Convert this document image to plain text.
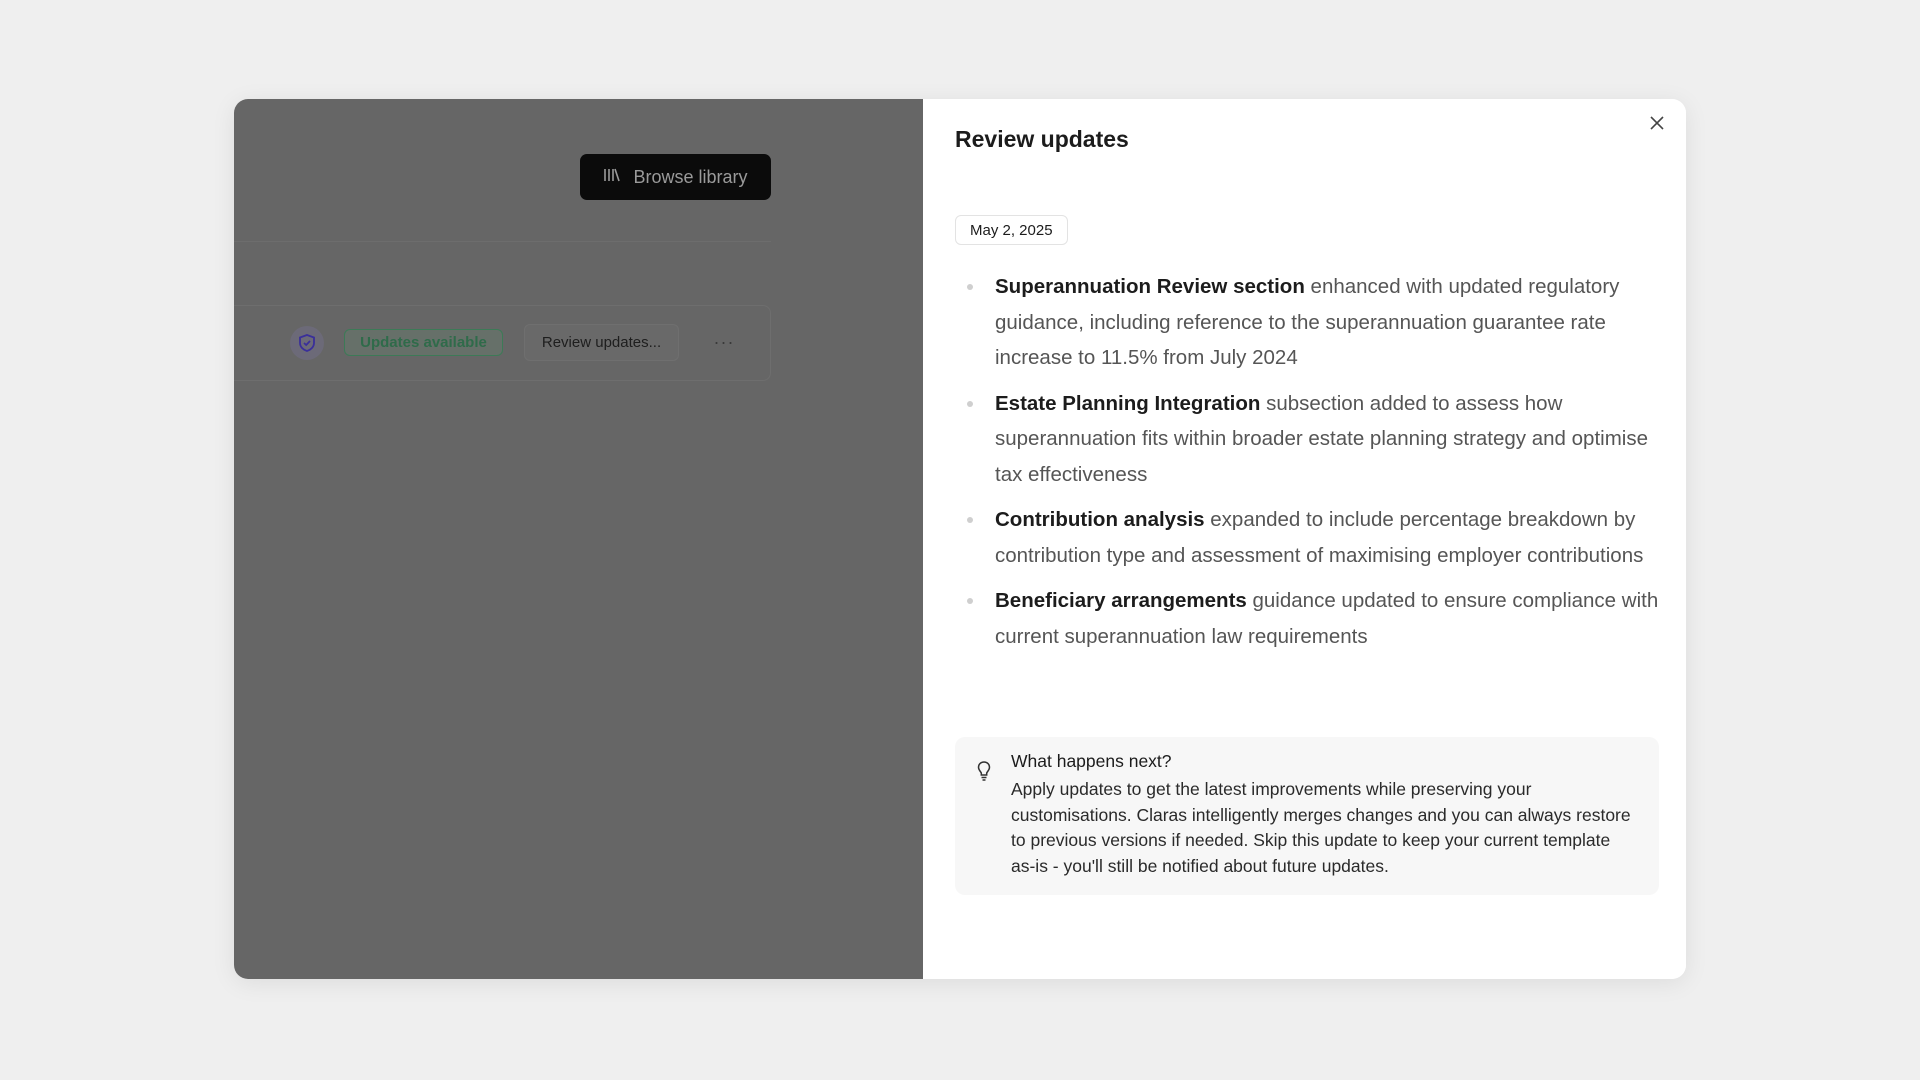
Browse library
Updates available	Review updates...	···
Review updates
May 2, 2025
Superannuation Review section enhanced with updated regulatory guidance, including reference to the superannuation guarantee rate increase to 11.5% from July 2024
Estate Planning Integration subsection added to assess how superannuation fits within broader estate planning strategy and optimise tax effectiveness
Contribution analysis expanded to include percentage breakdown by contribution type and assessment of maximising employer contributions
Beneficiary arrangements guidance updated to ensure compliance with current superannuation law requirements
What happens next?
Apply updates to get the latest improvements while preserving your customisations. Claras intelligently merges changes and you can always restore to previous versions if needed. Skip this update to keep your current template as-is - you'll still be notified about future updates.
